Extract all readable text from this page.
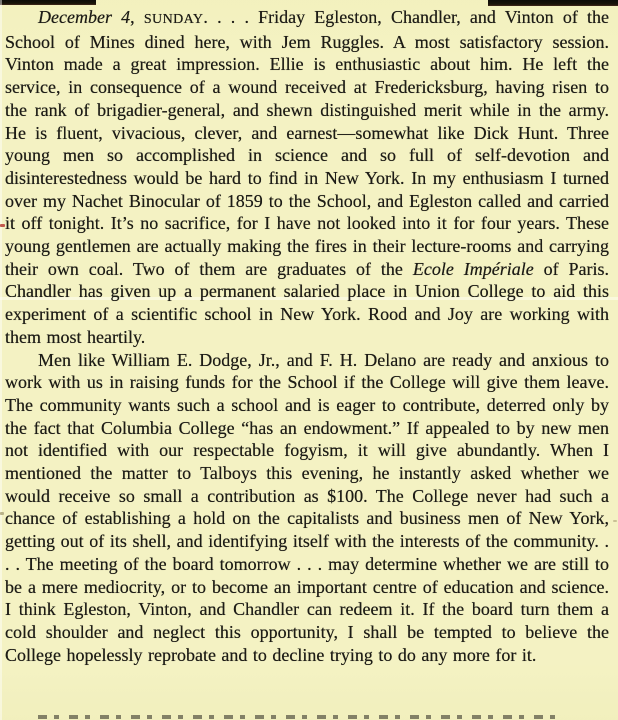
December 4, SUNDAY. . . . Friday Egleston, Chandler, and Vinton of the School of Mines dined here, with Jem Ruggles. A most satisfactory session. Vinton made a great impression. Ellie is enthusiastic about him. He left the service, in consequence of a wound received at Fredericksburg, having risen to the rank of brigadier-general, and shewn distinguished merit while in the army. He is fluent, vivacious, clever, and earnest—somewhat like Dick Hunt. Three young men so accomplished in science and so full of self-devotion and disinterestedness would be hard to find in New York. In my enthusiasm I turned over my Nachet Binocular of 1859 to the School, and Egleston called and carried it off tonight. It’s no sacrifice, for I have not looked into it for four years. These young gentlemen are actually making the fires in their lecture-rooms and carrying their own coal. Two of them are graduates of the Ecole Impériale of Paris. Chandler has given up a permanent salaried place in Union College to aid this experiment of a scientific school in New York. Rood and Joy are working with them most heartily.

Men like William E. Dodge, Jr., and F. H. Delano are ready and anxious to work with us in raising funds for the School if the College will give them leave. The community wants such a school and is eager to contribute, deterred only by the fact that Columbia College “has an endowment.” If appealed to by new men not identified with our respectable fogyism, it will give abundantly. When I mentioned the matter to Talboys this evening, he instantly asked whether we would receive so small a contribution as $100. The College never had such a chance of establishing a hold on the capitalists and business men of New York, getting out of its shell, and identifying itself with the interests of the community. . . . The meeting of the board tomorrow . . . may determine whether we are still to be a mere mediocrity, or to become an important centre of education and science. I think Egleston, Vinton, and Chandler can redeem it. If the board turn them a cold shoulder and neglect this opportunity, I shall be tempted to believe the College hopelessly reprobate and to decline trying to do any more for it.
